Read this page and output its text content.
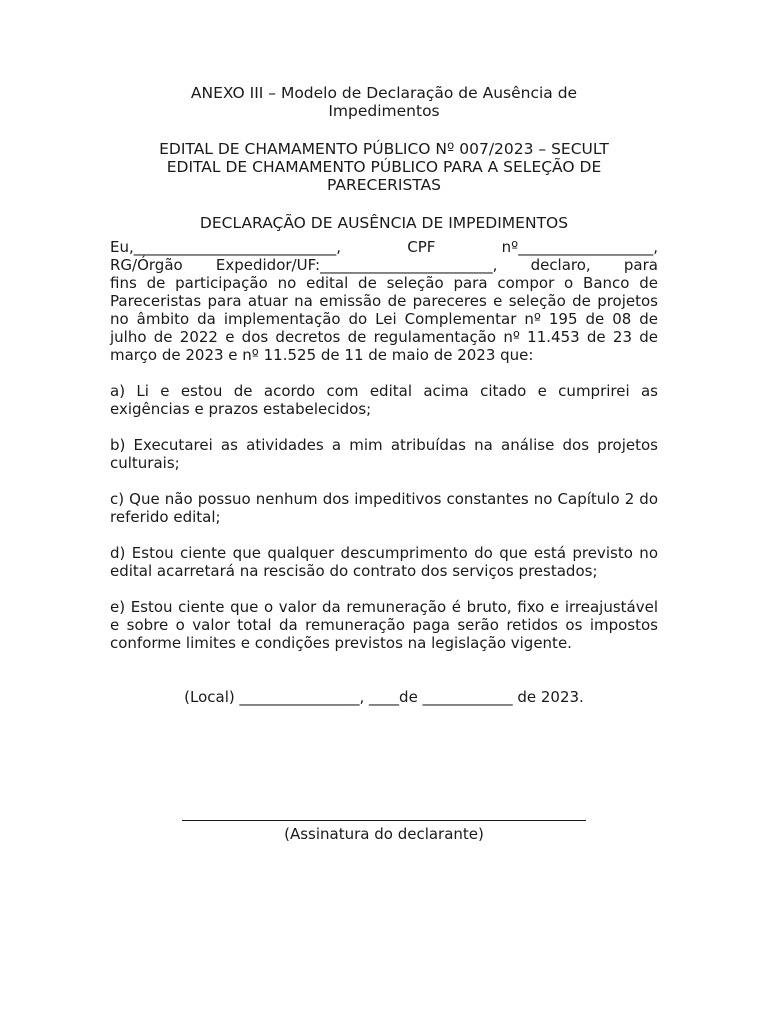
ANEXO III – Modelo de Declaração de Ausência de
Impedimentos
EDITAL DE CHAMAMENTO PÚBLICO Nº 007/2023 – SECULT
EDITAL DE CHAMAMENTO PÚBLICO PARA A SELEÇÃO DE
PARECERISTAS
DECLARAÇÃO DE AUSÊNCIA DE IMPEDIMENTOS
Eu,___________________________,	CPF	nº__________________,
RG/Órgão Expedidor/UF:_______________________, declaro, para
fins de participação no edital de seleção para compor o Banco de Pareceristas para atuar na emissão de pareceres e seleção de projetos no âmbito da implementação do Lei Complementar nº 195 de 08 de julho de 2022 e dos decretos de regulamentação nº 11.453 de 23 de março de 2023 e nº 11.525 de 11 de maio de 2023 que:

a) Li e estou de acordo com edital acima citado e cumprirei as exigências e prazos estabelecidos;

b) Executarei as atividades a mim atribuídas na análise dos projetos culturais;

c) Que não possuo nenhum dos impeditivos constantes no Capítulo 2 do referido edital;

d) Estou ciente que qualquer descumprimento do que está previsto no edital acarretará na rescisão do contrato dos serviços prestados;

e) Estou ciente que o valor da remuneração é bruto, fixo e irreajustável e sobre o valor total da remuneração paga serão retidos os impostos conforme limites e condições previstos na legislação vigente.

(Local) ________________, ____de ____________ de 2023.
(Assinatura do declarante)
